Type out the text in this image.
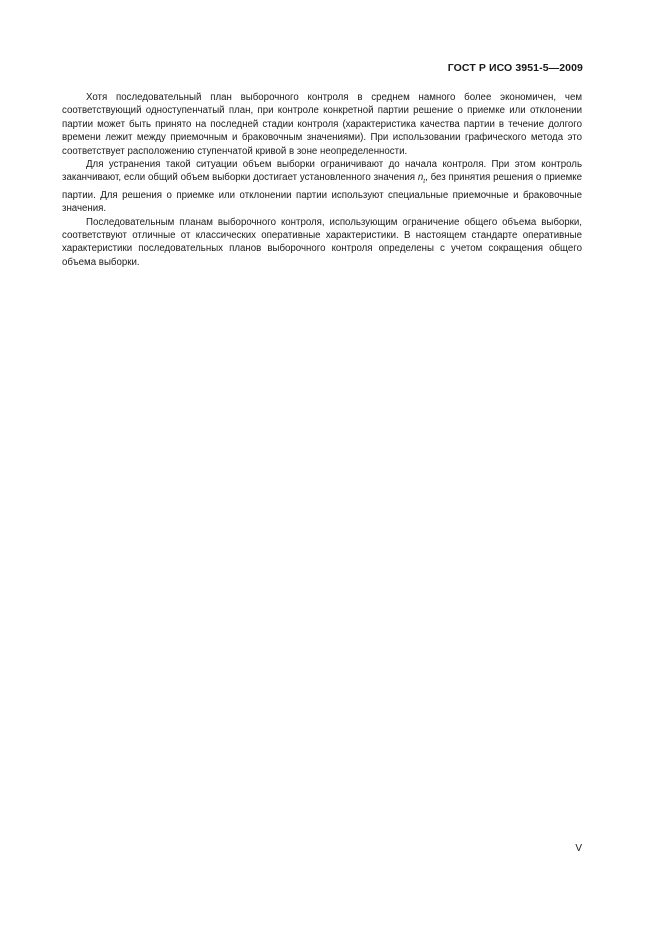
ГОСТ Р ИСО 3951-5—2009

Хотя последовательный план выборочного контроля в среднем намного более экономичен, чем соответствующий одноступенчатый план, при контроле конкретной партии решение о приемке или отклонении партии может быть принято на последней стадии контроля (характеристика качества партии в течение долгого времени лежит между приемочным и браковочным значениями). При использовании графического метода это соответствует расположению ступенчатой кривой в зоне неопределенности.

Для устранения такой ситуации объем выборки ограничивают до начала контроля. При этом контроль заканчивают, если общий объем выборки достигает установленного значения $n_t$, без принятия решения о приемке партии. Для решения о приемке или отклонении партии используют специальные приемочные и браковочные значения.

Последовательным планам выборочного контроля, использующим ограничение общего объема выборки, соответствуют отличные от классических оперативные характеристики. В настоящем стандарте оперативные характеристики последовательных планов выборочного контроля определены с учетом сокращения общего объема выборки.

V
